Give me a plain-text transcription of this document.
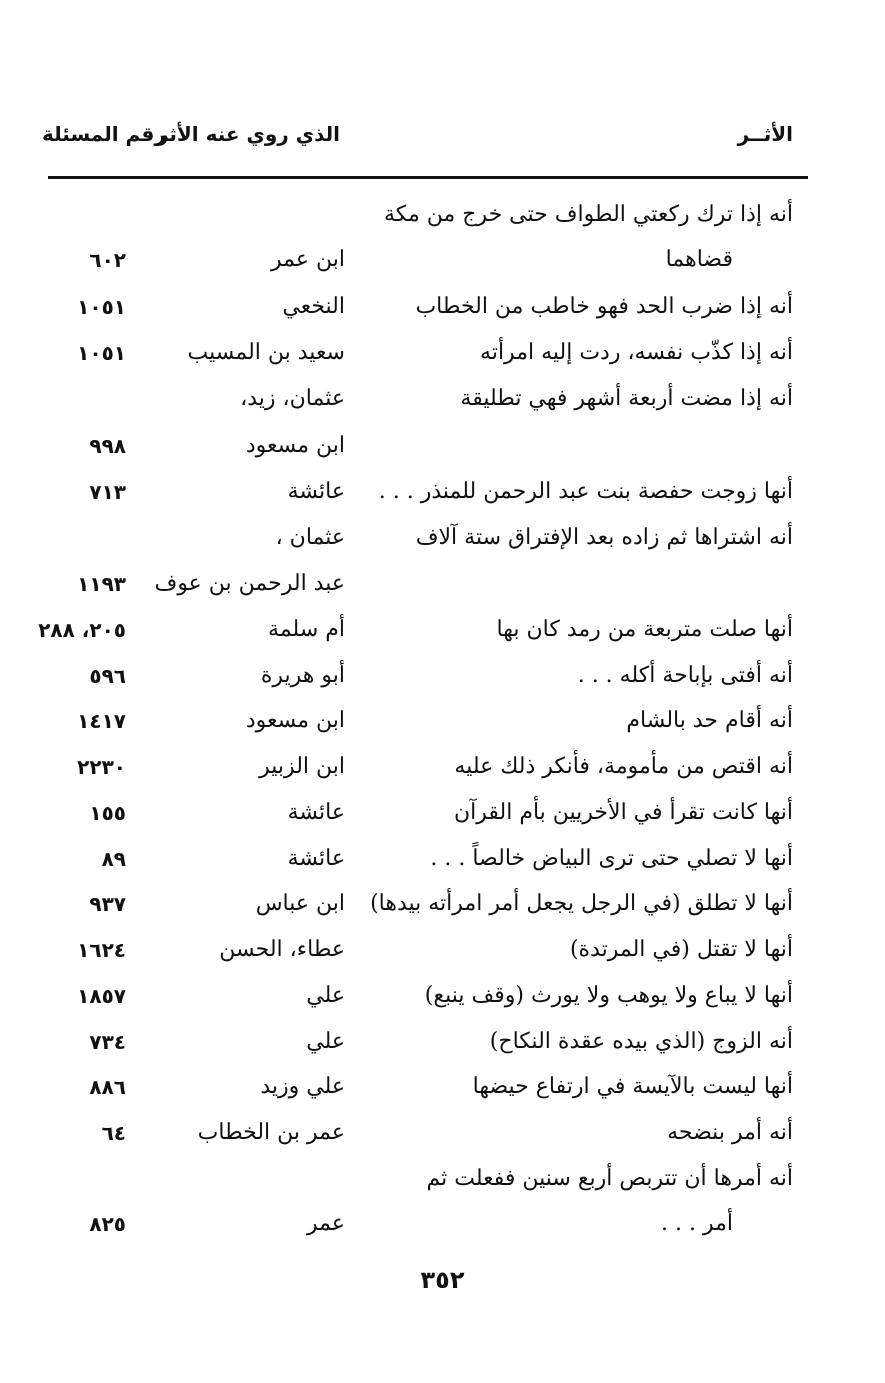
الأثــر
الذي روي عنه الأثر
رقم المسئلة
أنه إذا ترك ركعتي الطواف حتى خرج من مكة
قضاهما
ابن عمر
٦٠٢
أنه إذا ضرب الحد فهو خاطب من الخطاب
النخعي
١٠٥١
أنه إذا كذّب نفسه، ردت إليه امرأته
سعيد بن المسيب
١٠٥١
أنه إذا مضت أربعة أشهر فهي تطليقة
عثمان، زيد،
ابن مسعود
٩٩٨
أنها زوجت حفصة بنت عبد الرحمن للمنذر . . .
عائشة
٧١٣
أنه اشتراها ثم زاده بعد الإفتراق ستة آلاف
عثمان ،
عبد الرحمن بن عوف
١١٩٣
أنها صلت متربعة من رمد كان بها
أم سلمة
٢٠٥، ٢٨٨
أنه أفتى بإباحة أكله . . .
أبو هريرة
٥٩٦
أنه أقام حد بالشام
ابن مسعود
١٤١٧
أنه اقتص من مأمومة، فأنكر ذلك عليه
ابن الزبير
٢٢٣٠
أنها كانت تقرأ في الأخريين بأم القرآن
عائشة
١٥٥
أنها لا تصلي حتى ترى البياض خالصاً . . .
عائشة
٨٩
أنها لا تطلق (في الرجل يجعل أمر امرأته بيدها)
ابن عباس
٩٣٧
أنها لا تقتل (في المرتدة)
عطاء، الحسن
١٦٢٤
أنها لا يباع ولا يوهب ولا يورث (وقف ينبع)
علي
١٨٥٧
أنه الزوج (الذي بيده عقدة النكاح)
علي
٧٣٤
أنها ليست بالآيسة في ارتفاع حيضها
علي وزيد
٨٨٦
أنه أمر بنضحه
عمر بن الخطاب
٦٤
أنه أمرها أن تتربص أربع سنين ففعلت ثم
أمر . . .
عمر
٨٢٥
٣٥٢
